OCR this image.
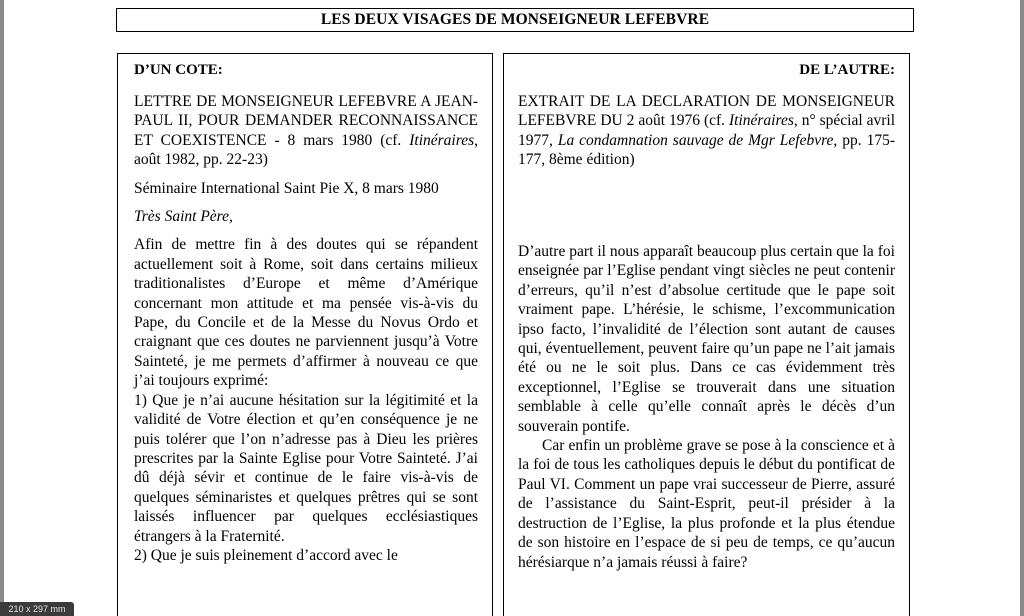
LES DEUX VISAGES DE MONSEIGNEUR LEFEBVRE
D’UN COTE:

LETTRE DE MONSEIGNEUR LEFEBVRE A JEAN-PAUL II, POUR DEMANDER RECONNAISSANCE ET COEXISTENCE - 8 mars 1980 (cf. Itinéraires, août 1982, pp. 22-23)

Séminaire International Saint Pie X, 8 mars 1980

Très Saint Père,

Afin de mettre fin à des doutes qui se répandent actuellement soit à Rome, soit dans certains milieux traditionalistes d’Europe et même d’Amérique concernant mon attitude et ma pensée vis-à-vis du Pape, du Concile et de la Messe du Novus Ordo et craignant que ces doutes ne parviennent jusqu’à Votre Sainteté, je me permets d’affirmer à nouveau ce que j’ai toujours exprimé:

1) Que je n’ai aucune hésitation sur la légitimité et la validité de Votre élection et qu’en conséquence je ne puis tolérer que l’on n’adresse pas à Dieu les prières prescrites par la Sainte Eglise pour Votre Sainteté. J’ai dû déjà sévir et continue de le faire vis-à-vis de quelques séminaristes et quelques prêtres qui se sont laissés influencer par quelques ecclésiastiques étrangers à la Fraternité.

2) Que je suis pleinement d’accord avec le

DE L’AUTRE:

EXTRAIT DE LA DECLARATION DE MONSEIGNEUR LEFEBVRE DU 2 août 1976 (cf. Itinéraires, n° spécial avril 1977, La condamnation sauvage de Mgr Lefebvre, pp. 175-177, 8ème édition)

D’autre part il nous apparaît beaucoup plus certain que la foi enseignée par l’Eglise pendant vingt siècles ne peut contenir d’erreurs, qu’il n’est d’absolue certitude que le pape soit vraiment pape. L’hérésie, le schisme, l’excommunication ipso facto, l’invalidité de l’élection sont autant de causes qui, éventuellement, peuvent faire qu’un pape ne l’ait jamais été ou ne le soit plus. Dans ce cas évidemment très exceptionnel, l’Eglise se trouverait dans une situation semblable à celle qu’elle connaît après le décès d’un souverain pontife.

Car enfin un problème grave se pose à la conscience et à la foi de tous les catholiques depuis le début du pontificat de Paul VI. Comment un pape vrai successeur de Pierre, assuré de l’assistance du Saint-Esprit, peut-il présider à la destruction de l’Eglise, la plus profonde et la plus étendue de son histoire en l’espace de si peu de temps, ce qu’aucun hérésiarque n’a jamais réussi à faire?

210 x 297 mm
